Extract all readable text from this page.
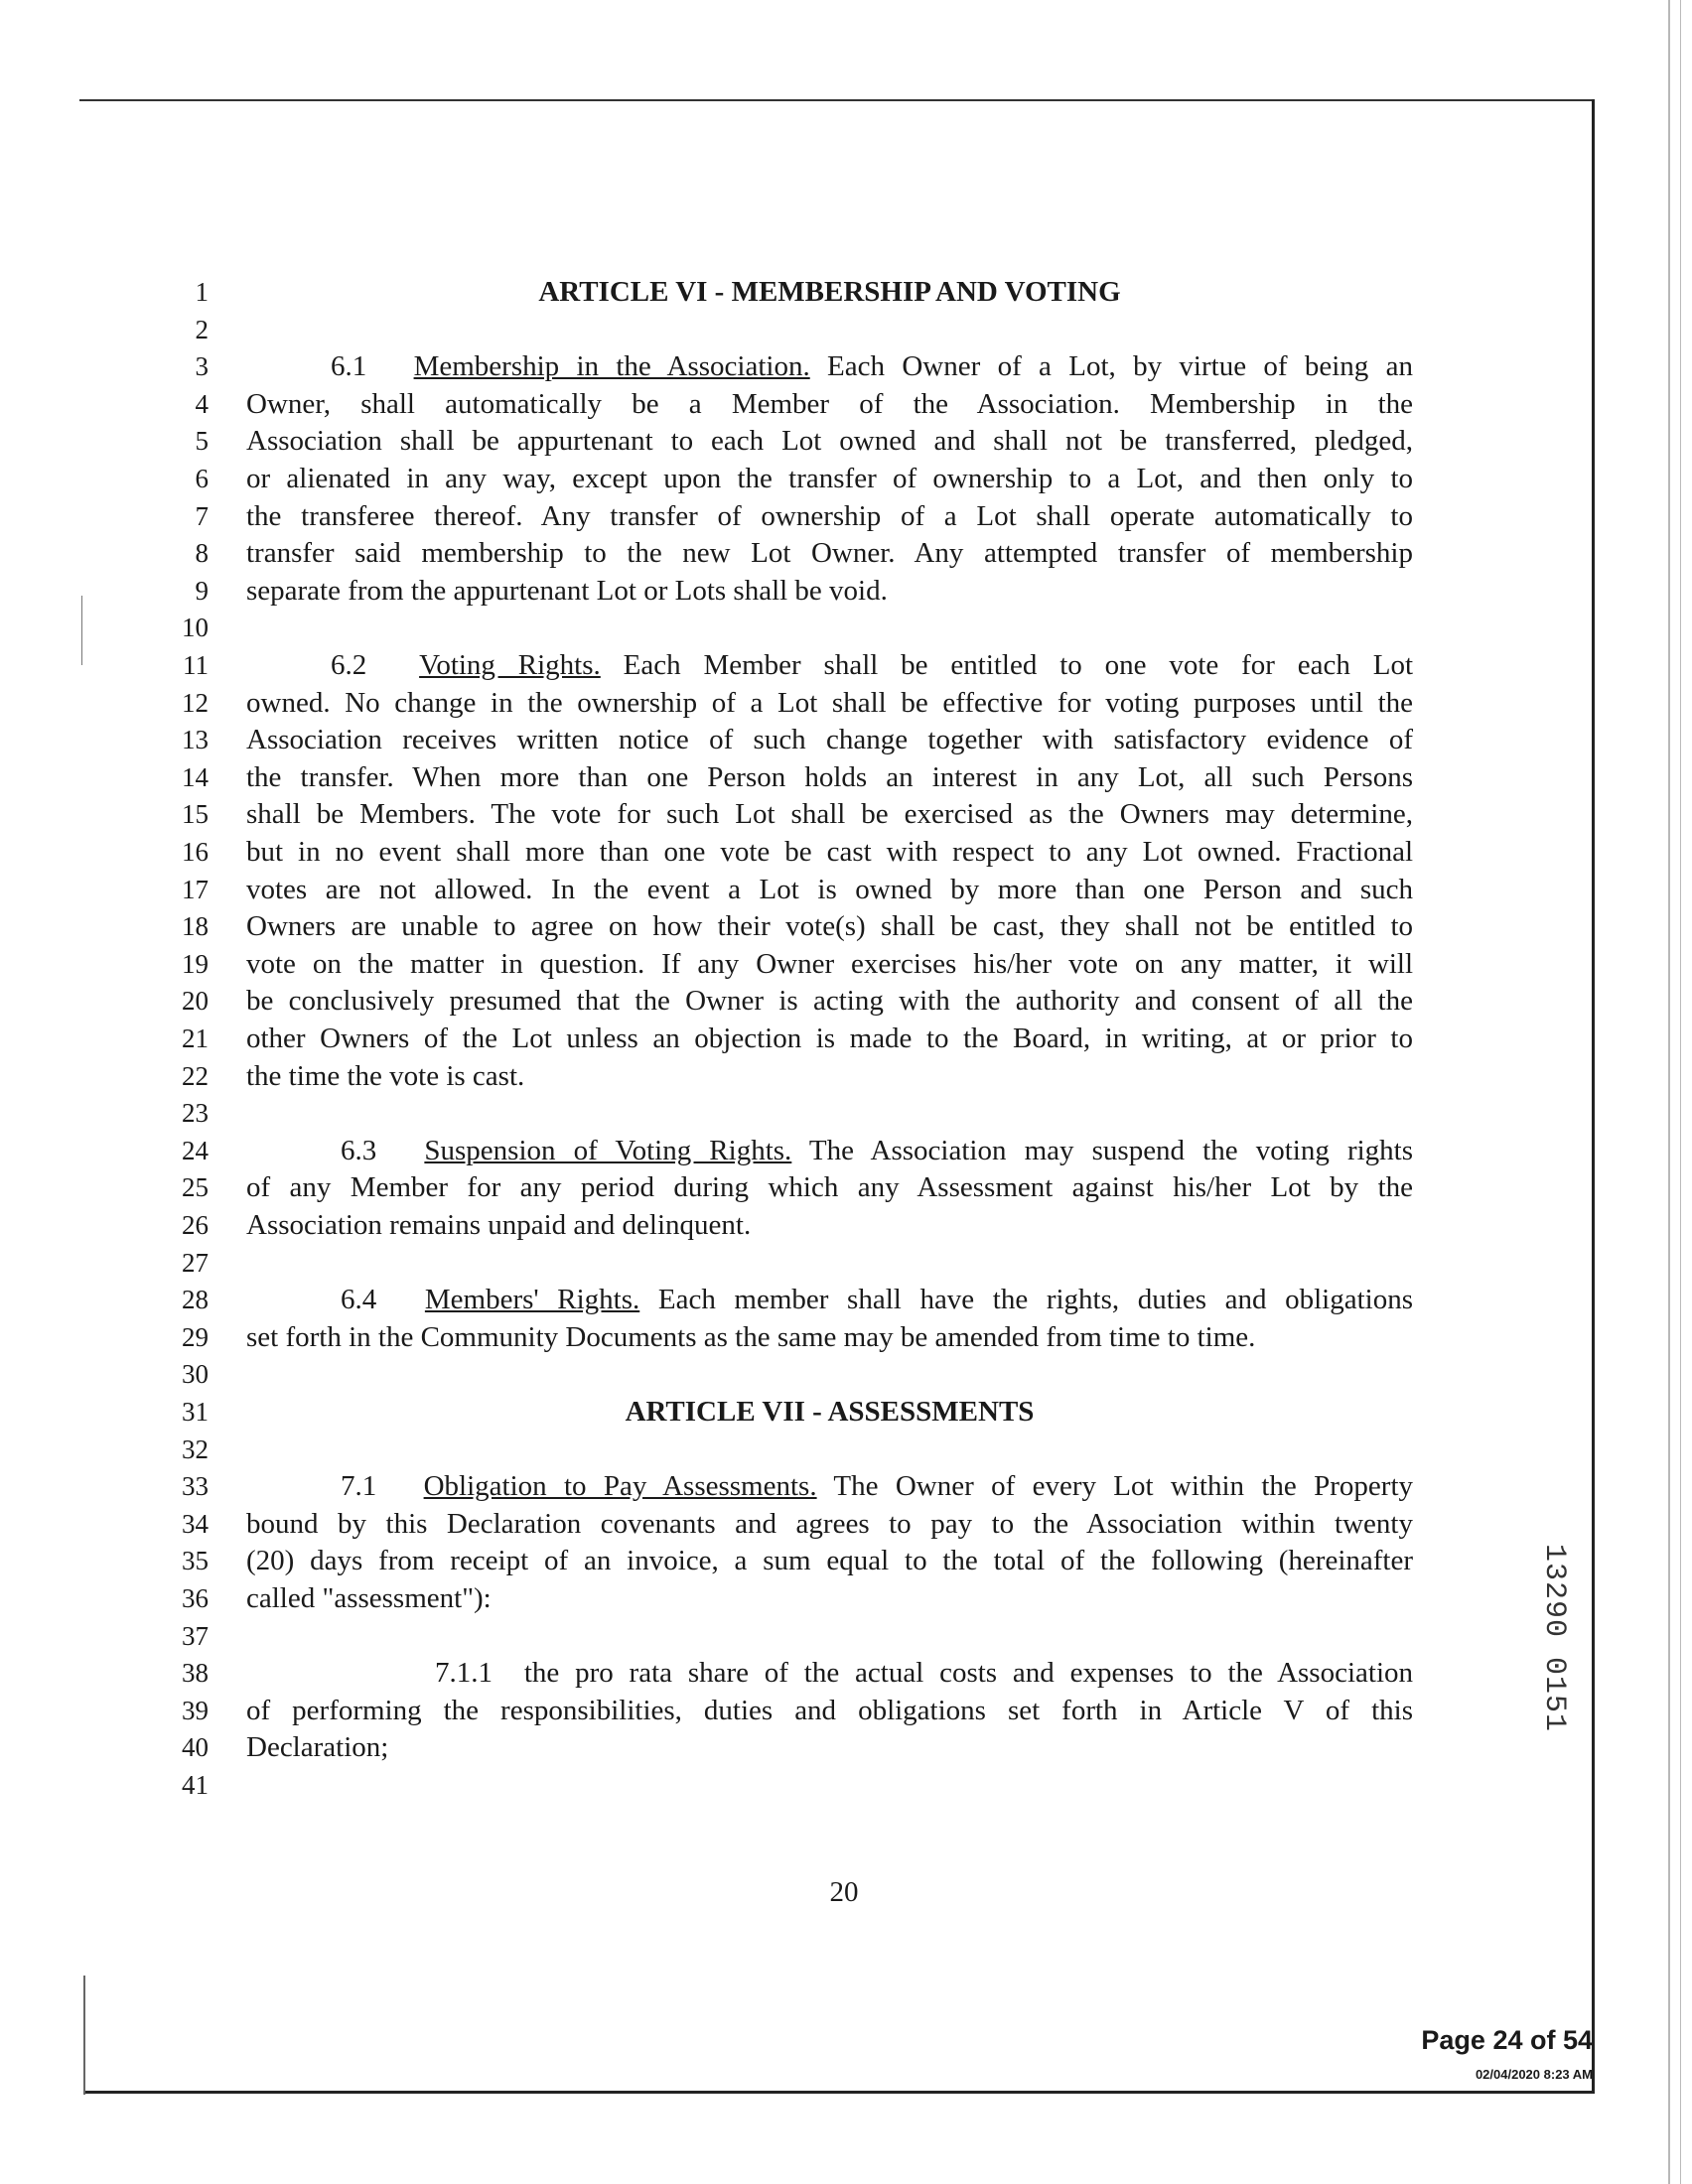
1
2
3
4
5
6
7
8
9
10
11
12
13
14
15
16
17
18
19
20
21
22
23
24
25
26
27
28
29
30
31
32
33
34
35
36
37
38
39
40
41
ARTICLE VI - MEMBERSHIP AND VOTING
6.1 Membership in the Association. Each Owner of a Lot, by virtue of being an
Owner, shall automatically be a Member of the Association. Membership in the
Association shall be appurtenant to each Lot owned and shall not be transferred, pledged,
or alienated in any way, except upon the transfer of ownership to a Lot, and then only to
the transferee thereof. Any transfer of ownership of a Lot shall operate automatically to
transfer said membership to the new Lot Owner. Any attempted transfer of membership
separate from the appurtenant Lot or Lots shall be void.
6.2 Voting Rights. Each Member shall be entitled to one vote for each Lot
owned. No change in the ownership of a Lot shall be effective for voting purposes until the
Association receives written notice of such change together with satisfactory evidence of
the transfer. When more than one Person holds an interest in any Lot, all such Persons
shall be Members. The vote for such Lot shall be exercised as the Owners may determine,
but in no event shall more than one vote be cast with respect to any Lot owned. Fractional
votes are not allowed. In the event a Lot is owned by more than one Person and such
Owners are unable to agree on how their vote(s) shall be cast, they shall not be entitled to
vote on the matter in question. If any Owner exercises his/her vote on any matter, it will
be conclusively presumed that the Owner is acting with the authority and consent of all the
other Owners of the Lot unless an objection is made to the Board, in writing, at or prior to
the time the vote is cast.
6.3 Suspension of Voting Rights. The Association may suspend the voting rights
of any Member for any period during which any Assessment against his/her Lot by the
Association remains unpaid and delinquent.
6.4 Members' Rights. Each member shall have the rights, duties and obligations
set forth in the Community Documents as the same may be amended from time to time.
ARTICLE VII - ASSESSMENTS
7.1 Obligation to Pay Assessments. The Owner of every Lot within the Property
bound by this Declaration covenants and agrees to pay to the Association within twenty
(20) days from receipt of an invoice, a sum equal to the total of the following (hereinafter
called "assessment"):
7.1.1 the pro rata share of the actual costs and expenses to the Association
of performing the responsibilities, duties and obligations set forth in Article V of this
Declaration;
20
13290 0151
Page 24 of 54
02/04/2020 8:23 AM
